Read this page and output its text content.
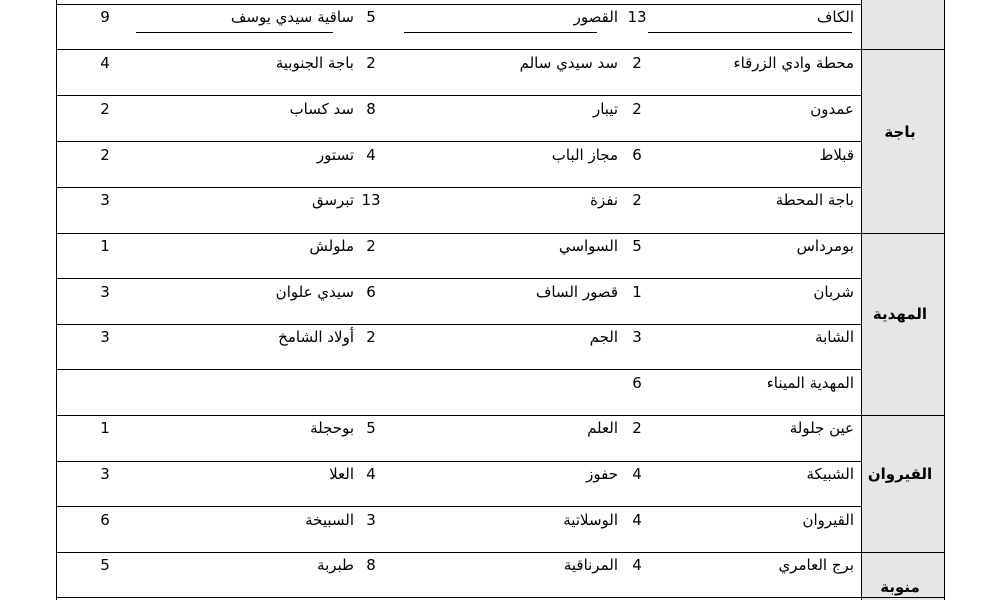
الكاف
13
القصور
5
ساقية سيدي يوسف
9
محطة وادي الزرقاء
2
سد سيدي سالم
2
باجة الجنوبية
4
عمدون
2
تيبار
8
سد كساب
2
قبلاط
6
مجاز الباب
4
تستور
2
باجة المحطة
2
نفزة
13
تبرسق
3
بومرداس
5
السواسي
2
ملولش
1
شربان
1
قصور الساف
6
سيدي علوان
3
الشابة
3
الجم
2
أولاد الشامخ
3
المهدية الميناء
6
عين جلولة
2
العلم
5
بوحجلة
1
الشبيكة
4
حفوز
4
العلا
3
القيروان
4
الوسلاتية
3
السبيخة
6
برج العامري
4
المرناقية
8
طبربة
5
باجة
المهدية
القيروان
منوبة
